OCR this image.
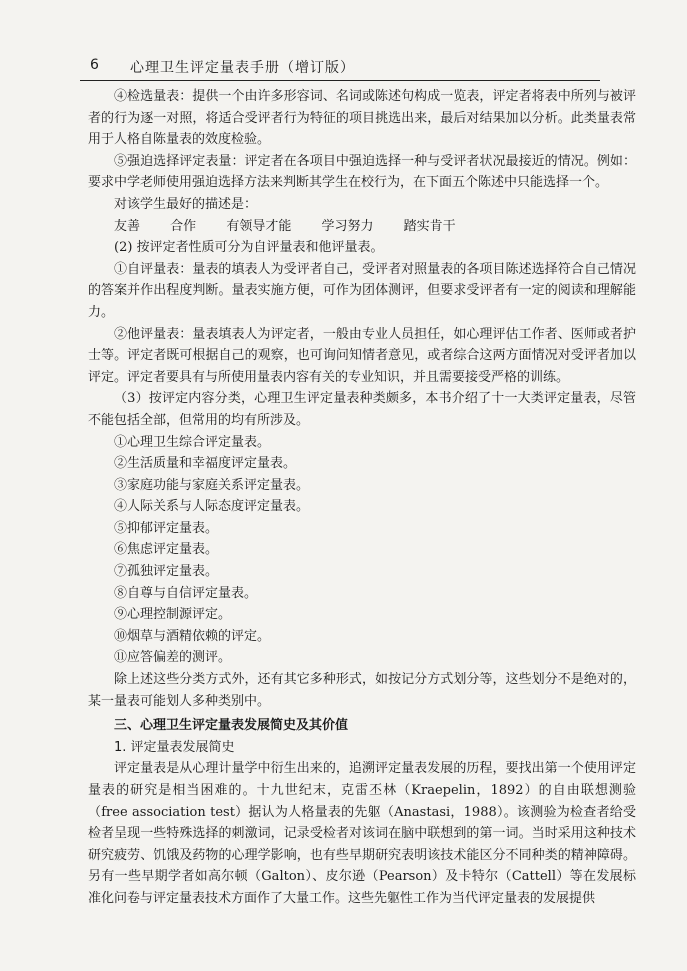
6 心理卫生评定量表手册（增订版）

④检选量表：提供一个由许多形容词、名词或陈述句构成一览表，评定者将表中所列与被评者的行为逐一对照，将适合受评者行为特征的项目挑选出来，最后对结果加以分析。此类量表常用于人格自陈量表的效度检验。

⑤强迫选择评定表量：评定者在各项目中强迫选择一种与受评者状况最接近的情况。例如：要求中学老师使用强迫选择方法来判断其学生在校行为，在下面五个陈述中只能选择一个。

对该学生最好的描述是：

友善 合作 有领导才能 学习努力 踏实肯干

(2) 按评定者性质可分为自评量表和他评量表。

①自评量表：量表的填表人为受评者自己，受评者对照量表的各项目陈述选择符合自己情况的答案并作出程度判断。量表实施方便，可作为团体测评，但要求受评者有一定的阅读和理解能力。

②他评量表：量表填表人为评定者，一般由专业人员担任，如心理评估工作者、医师或者护士等。评定者既可根据自己的观察，也可询问知情者意见，或者综合这两方面情况对受评者加以评定。评定者要具有与所使用量表内容有关的专业知识，并且需要接受严格的训练。

（3）按评定内容分类，心理卫生评定量表种类颇多，本书介绍了十一大类评定量表，尽管不能包括全部，但常用的均有所涉及。

①心理卫生综合评定量表。

②生活质量和幸福度评定量表。

③家庭功能与家庭关系评定量表。

④人际关系与人际态度评定量表。

⑤抑郁评定量表。

⑥焦虑评定量表。

⑦孤独评定量表。

⑧自尊与自信评定量表。

⑨心理控制源评定。

⑩烟草与酒精依赖的评定。

⑪应答偏差的测评。

除上述这些分类方式外，还有其它多种形式，如按记分方式划分等，这些划分不是绝对的，某一量表可能划人多种类别中。

三、心理卫生评定量表发展简史及其价值

1. 评定量表发展简史

评定量表是从心理计量学中衍生出来的，追溯评定量表发展的历程，要找出第一个使用评定量表的研究是相当困难的。十九世纪末，克雷丕林（Kraepelin，1892）的自由联想测验（free association test）据认为人格量表的先躯（Anastasi，1988）。该测验为检查者给受检者呈现一些特殊选择的刺激词，记录受检者对该词在脑中联想到的第一词。当时采用这种技术研究疲劳、饥饿及药物的心理学影响，也有些早期研究表明该技术能区分不同种类的精神障碍。另有一些早期学者如高尔顿（Galton）、皮尔逊（Pearson）及卡特尔（Cattell）等在发展标准化问卷与评定量表技术方面作了大量工作。这些先躯性工作为当代评定量表的发展提供
